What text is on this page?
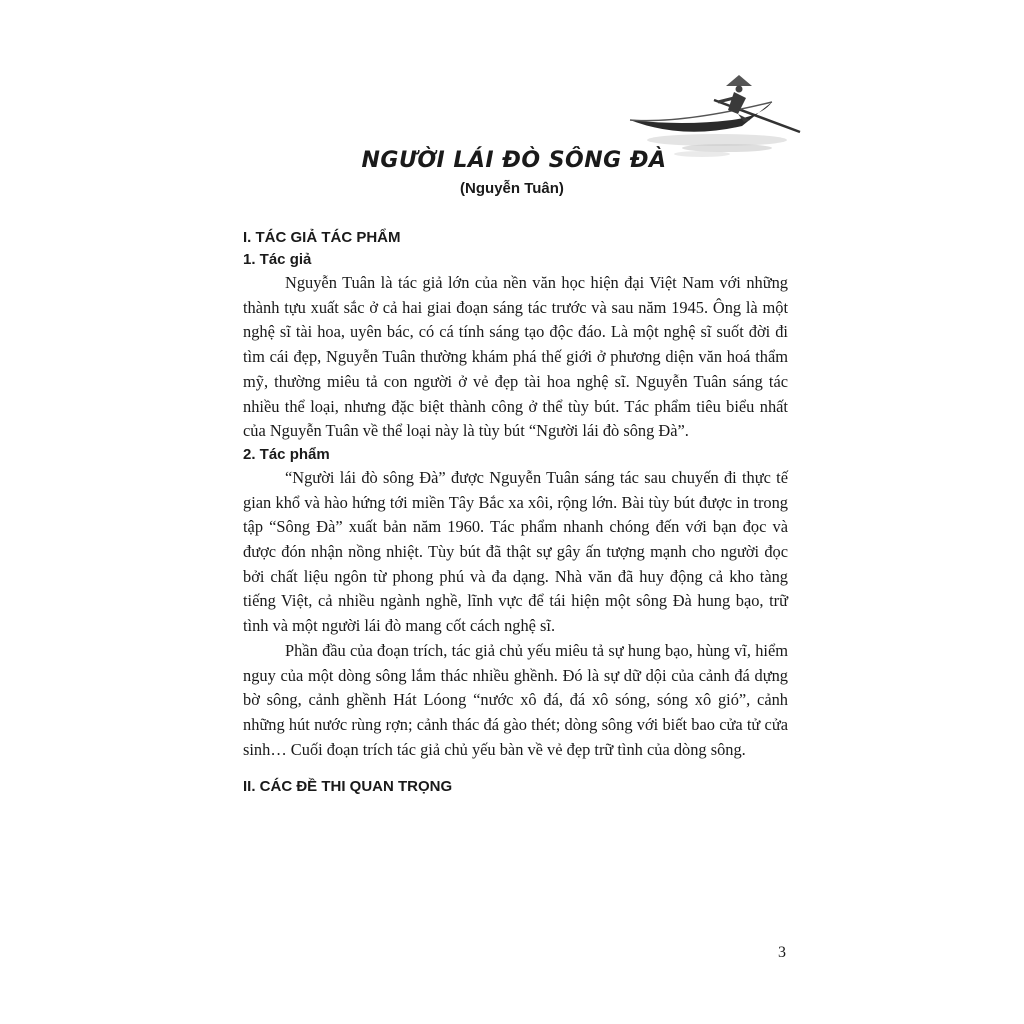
NGƯỜI LÁI ĐÒ SÔNG ĐÀ
(Nguyễn Tuân)
I. TÁC GIẢ TÁC PHẨM
1. Tác giả

Nguyễn Tuân là tác giả lớn của nền văn học hiện đại Việt Nam với những thành tựu xuất sắc ở cả hai giai đoạn sáng tác trước và sau năm 1945. Ông là một nghệ sĩ tài hoa, uyên bác, có cá tính sáng tạo độc đáo. Là một nghệ sĩ suốt đời đi tìm cái đẹp, Nguyễn Tuân thường khám phá thế giới ở phương diện văn hoá thẩm mỹ, thường miêu tả con người ở vẻ đẹp tài hoa nghệ sĩ. Nguyễn Tuân sáng tác nhiều thể loại, nhưng đặc biệt thành công ở thể tùy bút. Tác phẩm tiêu biểu nhất của Nguyễn Tuân về thể loại này là tùy bút “Người lái đò sông Đà”.

2. Tác phẩm

“Người lái đò sông Đà” được Nguyễn Tuân sáng tác sau chuyến đi thực tế gian khổ và hào hứng tới miền Tây Bắc xa xôi, rộng lớn. Bài tùy bút được in trong tập “Sông Đà” xuất bản năm 1960. Tác phẩm nhanh chóng đến với bạn đọc và được đón nhận nồng nhiệt. Tùy bút đã thật sự gây ấn tượng mạnh cho người đọc bởi chất liệu ngôn từ phong phú và đa dạng. Nhà văn đã huy động cả kho tàng tiếng Việt, cả nhiều ngành nghề, lĩnh vực để tái hiện một sông Đà hung bạo, trữ tình và một người lái đò mang cốt cách nghệ sĩ.

Phần đầu của đoạn trích, tác giả chủ yếu miêu tả sự hung bạo, hùng vĩ, hiểm nguy của một dòng sông lắm thác nhiều ghềnh. Đó là sự dữ dội của cảnh đá dựng bờ sông, cảnh ghềnh Hát Lóong “nước xô đá, đá xô sóng, sóng xô gió”, cảnh những hút nước rùng rợn; cảnh thác đá gào thét; dòng sông với biết bao cửa tử cửa sinh… Cuối đoạn trích tác giả chủ yếu bàn về vẻ đẹp trữ tình của dòng sông.

II. CÁC ĐỀ THI QUAN TRỌNG
3
